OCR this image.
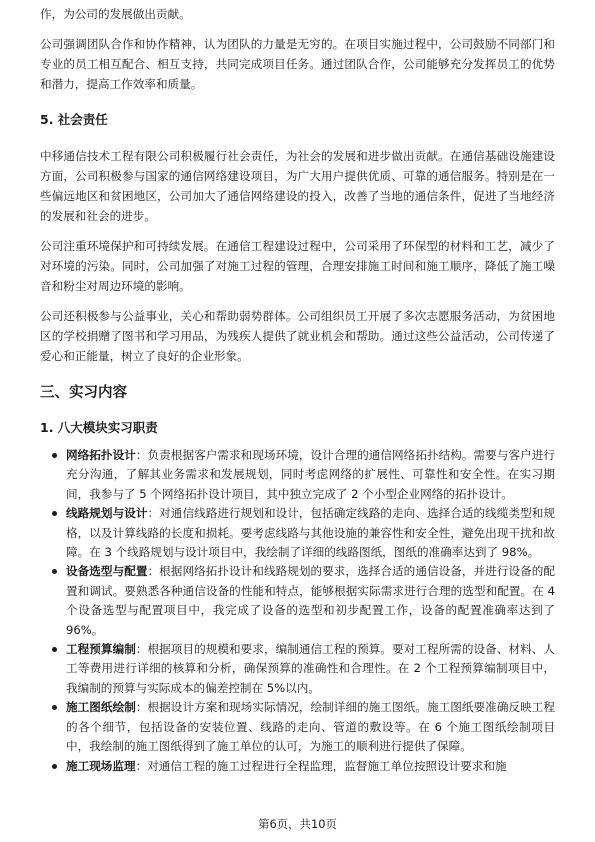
作，为公司的发展做出贡献。

公司强调团队合作和协作精神，认为团队的力量是无穷的。在项目实施过程中，公司鼓励不同部门和专业的员工相互配合、相互支持，共同完成项目任务。通过团队合作，公司能够充分发挥员工的优势和潜力，提高工作效率和质量。

5. 社会责任

中移通信技术工程有限公司积极履行社会责任，为社会的发展和进步做出贡献。在通信基础设施建设方面，公司积极参与国家的通信网络建设项目，为广大用户提供优质、可靠的通信服务。特别是在一些偏远地区和贫困地区，公司加大了通信网络建设的投入，改善了当地的通信条件，促进了当地经济的发展和社会的进步。

公司注重环境保护和可持续发展。在通信工程建设过程中，公司采用了环保型的材料和工艺，减少了对环境的污染。同时，公司加强了对施工过程的管理，合理安排施工时间和施工顺序，降低了施工噪音和粉尘对周边环境的影响。

公司还积极参与公益事业，关心和帮助弱势群体。公司组织员工开展了多次志愿服务活动，为贫困地区的学校捐赠了图书和学习用品，为残疾人提供了就业机会和帮助。通过这些公益活动，公司传递了爱心和正能量，树立了良好的企业形象。

三、实习内容
1. 八大模块实习职责
网络拓扑设计：负责根据客户需求和现场环境，设计合理的通信网络拓扑结构。需要与客户进行充分沟通，了解其业务需求和发展规划，同时考虑网络的扩展性、可靠性和安全性。在实习期间，我参与了 5 个网络拓扑设计项目，其中独立完成了 2 个小型企业网络的拓扑设计。
线路规划与设计：对通信线路进行规划和设计，包括确定线路的走向、选择合适的线缆类型和规格，以及计算线路的长度和损耗。要考虑线路与其他设施的兼容性和安全性，避免出现干扰和故障。在 3 个线路规划与设计项目中，我绘制了详细的线路图纸，图纸的准确率达到了 98%。
设备选型与配置：根据网络拓扑设计和线路规划的要求，选择合适的通信设备，并进行设备的配置和调试。要熟悉各种通信设备的性能和特点，能够根据实际需求进行合理的选型和配置。在 4 个设备选型与配置项目中，我完成了设备的选型和初步配置工作，设备的配置准确率达到了 96%。
工程预算编制：根据项目的规模和要求，编制通信工程的预算。要对工程所需的设备、材料、人工等费用进行详细的核算和分析，确保预算的准确性和合理性。在 2 个工程预算编制项目中，我编制的预算与实际成本的偏差控制在 5%以内。
施工图纸绘制：根据设计方案和现场实际情况，绘制详细的施工图纸。施工图纸要准确反映工程的各个细节，包括设备的安装位置、线路的走向、管道的敷设等。在 6 个施工图纸绘制项目中，我绘制的施工图纸得到了施工单位的认可，为施工的顺利进行提供了保障。
施工现场监理：对通信工程的施工过程进行全程监理，监督施工单位按照设计要求和施
第6页，共10页
